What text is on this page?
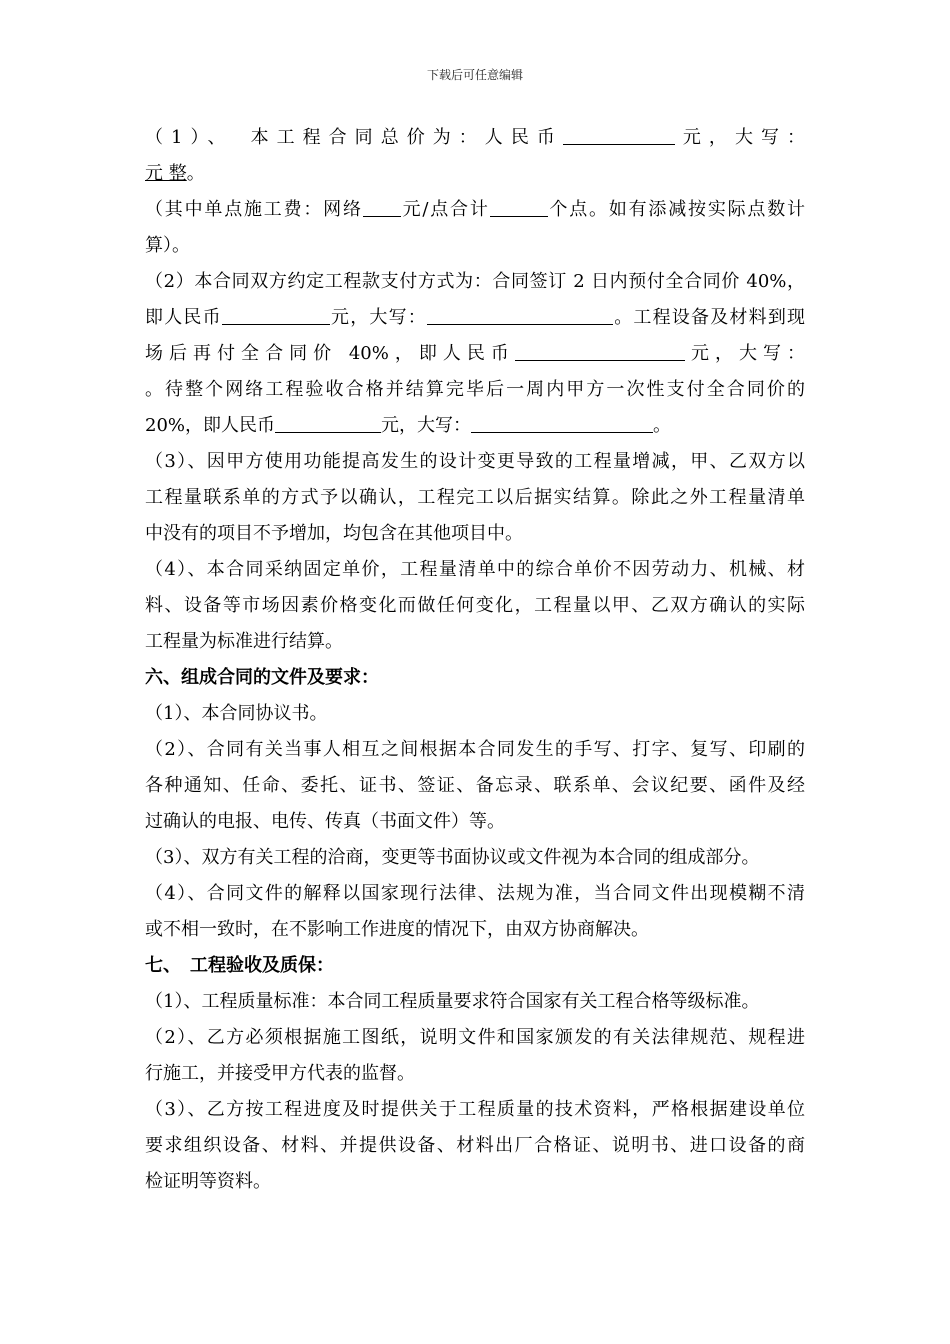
下载后可任意编辑
（1）、　本工程合同总价为：人民币	元，大写：
元 整。
（其中单点施工费：网络 元/点合计	个点。如有添减按实际点数计
算）。
（2）本合同双方约定工程款支付方式为：合同签订 2 日内预付全合同价 40%，
即人民币	元，大写：	。工程设备及材料到现
场后再付全合同价 40%，即人民币	元，大写：
。待整个网络工程验收合格并结算完毕后一周内甲方一次性支付全合同价的
20%，即人民币	元，大写：	。
（3）、因甲方使用功能提高发生的设计变更导致的工程量增减，甲、乙双方以
工程量联系单的方式予以确认，工程完工以后据实结算。除此之外工程量清单
中没有的项目不予增加，均包含在其他项目中。
（4）、本合同采纳固定单价，工程量清单中的综合单价不因劳动力、机械、材
料、设备等市场因素价格变化而做任何变化，工程量以甲、乙双方确认的实际
工程量为标准进行结算。
六、组成合同的文件及要求：
（1）、本合同协议书。
（2）、合同有关当事人相互之间根据本合同发生的手写、打字、复写、印刷的
各种通知、任命、委托、证书、签证、备忘录、联系单、会议纪要、函件及经
过确认的电报、电传、传真（书面文件）等。
（3）、双方有关工程的洽商，变更等书面协议或文件视为本合同的组成部分。
（4）、合同文件的解释以国家现行法律、法规为准，当合同文件出现模糊不清
或不相一致时，在不影响工作进度的情况下，由双方协商解决。
七、　工程验收及质保：
（1）、工程质量标准：本合同工程质量要求符合国家有关工程合格等级标准。
（2）、乙方必须根据施工图纸，说明文件和国家颁发的有关法律规范、规程进
行施工，并接受甲方代表的监督。
（3）、乙方按工程进度及时提供关于工程质量的技术资料，严格根据建设单位
要求组织设备、材料、并提供设备、材料出厂合格证、说明书、进口设备的商
检证明等资料。
